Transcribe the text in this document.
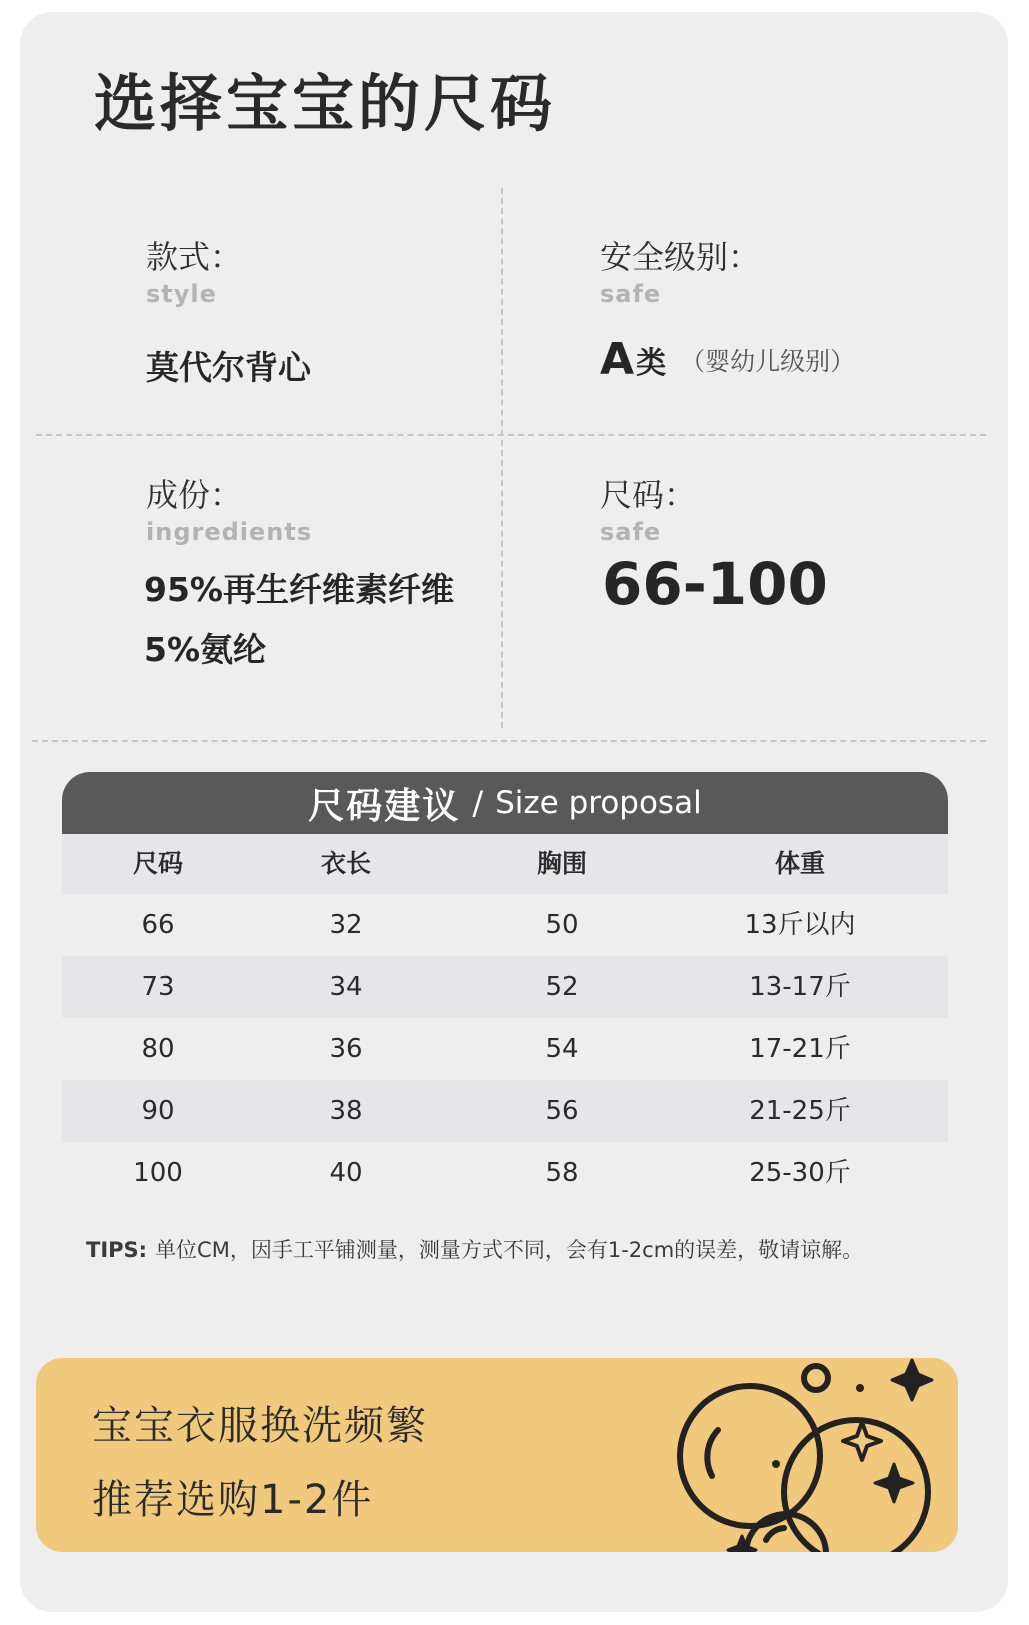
选择宝宝的尺码
款式：
style
莫代尔背心
安全级别：
safe
A 类 （婴幼儿级别）
成份：
ingredients
95%再生纤维素纤维
5%氨纶
尺码：
safe
66-100
尺码建议 / Size proposal
尺码	衣长	胸围	体重
66	32	50	13斤以内
73	34	52	13-17斤
80	36	54	17-21斤
90	38	56	21-25斤
100	40	58	25-30斤
TIPS: 单位CM，因手工平铺测量，测量方式不同，会有1-2cm的误差，敬请谅解。
宝宝衣服换洗频繁
推荐选购1-2件
